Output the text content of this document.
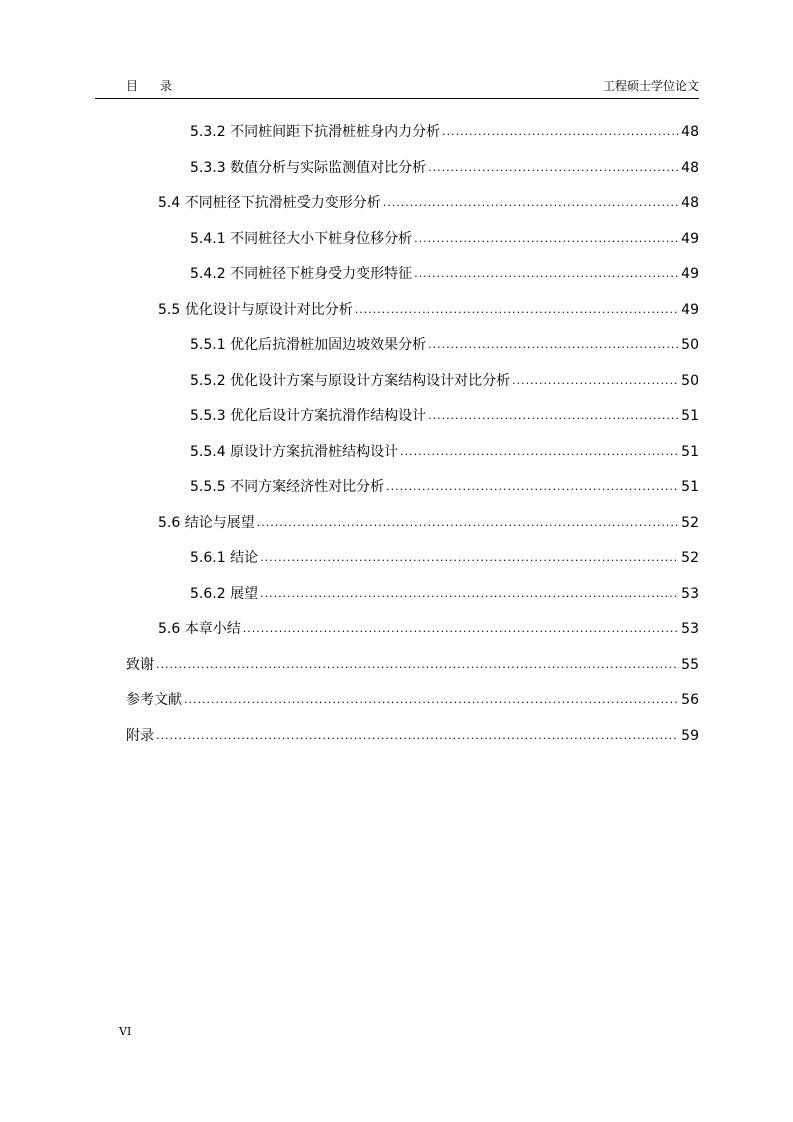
目 录	工程硕士学位论文
5.3.2 不同桩间距下抗滑桩桩身内力分析 .....	48
5.3.3 数值分析与实际监测值对比分析 .....	48
5.4 不同桩径下抗滑桩受力变形分析 .....	48
5.4.1 不同桩径大小下桩身位移分析 .....	49
5.4.2 不同桩径下桩身受力变形特征 .....	49
5.5 优化设计与原设计对比分析 .....	49
5.5.1 优化后抗滑桩加固边坡效果分析 .....	50
5.5.2 优化设计方案与原设计方案结构设计对比分析 .....	50
5.5.3 优化后设计方案抗滑作结构设计 .....	51
5.5.4 原设计方案抗滑桩结构设计 .....	51
5.5.5 不同方案经济性对比分析 .....	51
5.6 结论与展望 .....	52
5.6.1 结论 .....	52
5.6.2 展望 .....	53
5.6 本章小结 .....	53
致谢 .....	55
参考文献 .....	56
附录 .....	59
VI
